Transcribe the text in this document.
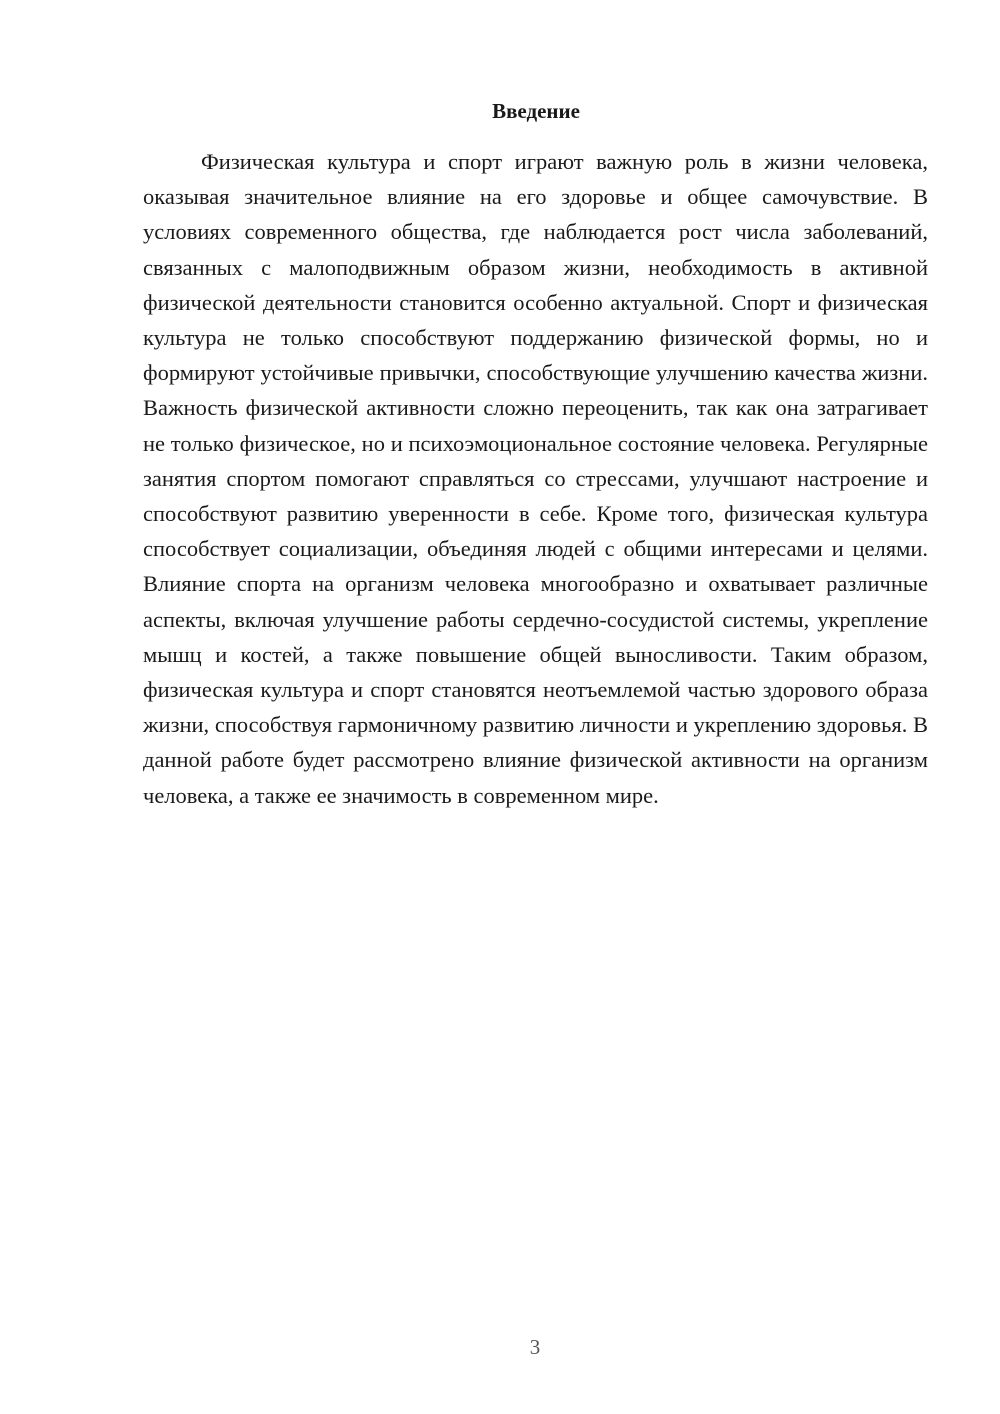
Введение

Физическая культура и спорт играют важную роль в жизни человека, оказывая значительное влияние на его здоровье и общее самочувствие. В условиях современного общества, где наблюдается рост числа заболеваний, связанных с малоподвижным образом жизни, необходимость в активной физической деятельности становится особенно актуальной. Спорт и физическая культура не только способствуют поддержанию физической формы, но и формируют устойчивые привычки, способствующие улучшению качества жизни. Важность физической активности сложно переоценить, так как она затрагивает не только физическое, но и психоэмоциональное состояние человека. Регулярные занятия спортом помогают справляться со стрессами, улучшают настроение и способствуют развитию уверенности в себе. Кроме того, физическая культура способствует социализации, объединяя людей с общими интересами и целями. Влияние спорта на организм человека многообразно и охватывает различные аспекты, включая улучшение работы сердечно-сосудистой системы, укрепление мышц и костей, а также повышение общей выносливости. Таким образом, физическая культура и спорт становятся неотъемлемой частью здорового образа жизни, способствуя гармоничному развитию личности и укреплению здоровья. В данной работе будет рассмотрено влияние физической активности на организм человека, а также ее значимость в современном мире.

3
